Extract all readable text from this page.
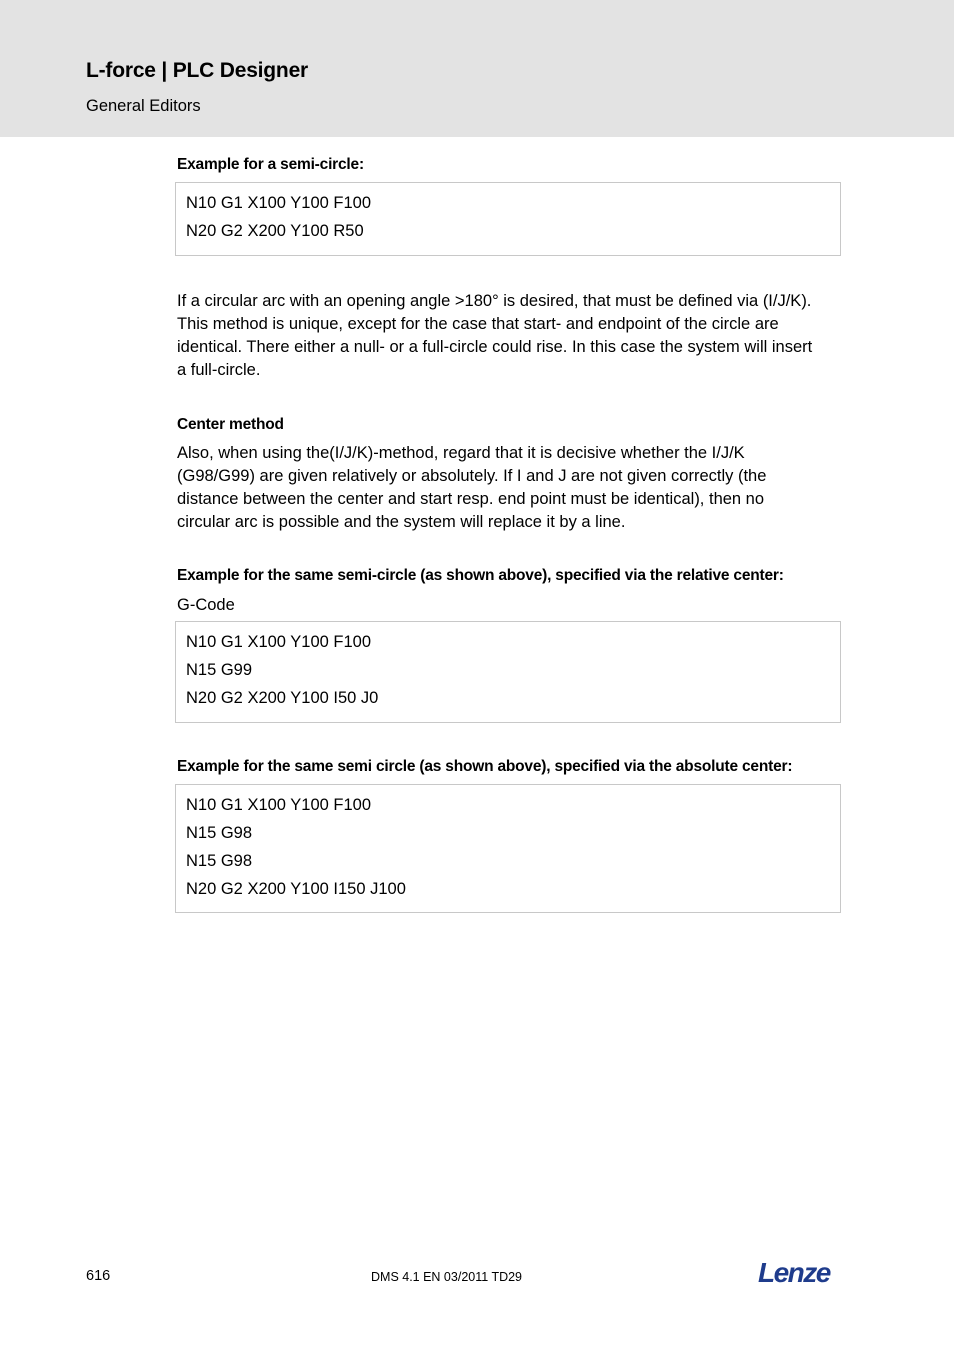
L-force | PLC Designer
General Editors
Example for a semi-circle:
N10 G1 X100 Y100 F100
N20 G2 X200 Y100 R50
If a circular arc with an opening angle >180° is desired, that must be defined via (I/J/K).
This method is unique, except for the case that start- and endpoint of the circle are
identical. There either a null- or a full-circle could rise. In this case the system will insert
a full-circle.
Center method
Also, when using the(I/J/K)-method, regard that it is decisive whether the I/J/K
(G98/G99) are given relatively or absolutely. If I and J are not given correctly (the
distance between the center and start resp. end point must be identical), then no
circular arc is possible and the system will replace it by a line.
Example for the same semi-circle (as shown above), specified via the relative center:
G-Code
N10 G1 X100 Y100 F100
N15 G99
N20 G2 X200 Y100 I50 J0
Example for the same semi circle (as shown above), specified via the absolute center:
N10 G1 X100 Y100 F100
N15 G98
N15 G98
N20 G2 X200 Y100 I150 J100
616	DMS 4.1 EN 03/2011 TD29	Lenze
